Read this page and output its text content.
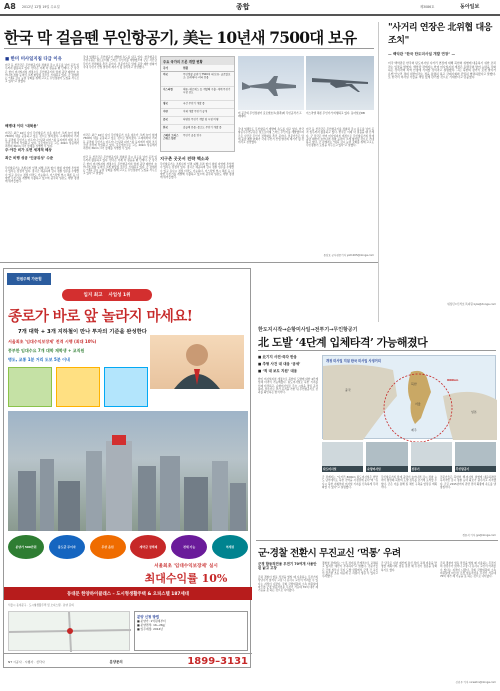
A8 2012년 12월 19일 수요일	종합	제3086호	동아일보
한국 막 걸음뗀 무인항공기, 美는 10년새 7500대 보유
■ 한미 미사일지침 다급 이유
미국 등 선진국은 무인항공기를 정찰과 감시 용도를 넘어 공격 임무까지 활용하고 있다. 한국은 이제 막 걸음을 뗀 단계다. 군 당국은 한미 미사일지침 개정으로 무인항공기의 탑재 중량 제한이 늘어나면 정찰 능력이 크게 향상될 것으로 기대하고 있다. 군 관계자는 "대북 감시 능력 강화를 위해 고고도 무인정찰기 도입을 서두르고 있다"고 말했다.
해병대 이미 ‘대북용’
미국은 최근 10년 사이 무인항공기 보유 대수가 크게 늘어 현재 7500여 대를 운용하고 있는 것으로 알려졌다. 프레데터와 리퍼 등 공격형 무인기는 아프가니스탄과 파키스탄 등지에서 테러 조직 소탕 작전에 투입되고 있다. 글로벌호크는 고도 20km 상공에서 지상의 30cm 크기 물체를 식별할 수 있다.
주·야간 비가 오면 세계적 헤상
최근 비행 성공 ‘인공위성’ 수준
무인항공기는 조종사의 인명 피해 우려 없이 위험 지역에 투입할 수 있다는 장점이 있다. 장시간 체공하며 감시 정찰 임무를 수행할 수 있고 유사시 정밀 타격도 가능하다. 이스라엘 역시 헤론 등 다양한 무인기를 개발해 수출하고 있으며 중국과 일본도 개발 경쟁에 뛰어들었다.
국내 업체들도 무인항공기 개발에 속도를 내고 있다. 한국항공우주연구원은 틸트로터형 스마트 무인기를 개발했으며 군은 사단급 무인기 전력화를 추진 중이다. 전문가들은 탑재 중량 제한 완화가 국내 무인기 산업 발전의 계기가 될 것이라고 전망했다.
미국은 최근 10년 사이 무인항공기 보유 대수가 크게 늘어 현재 7500여 대를 운용하고 있는 것으로 알려졌다. 프레데터와 리퍼 등 공격형 무인기는 아프가니스탄과 파키스탄 등지에서 테러 조직 소탕 작전에 투입되고 있다. 글로벌호크는 고도 20km 상공에서 지상의 30cm 크기 물체를 식별할 수 있다.
지구촌 곳곳서 전략 핵소과
미국 등 선진국은 무인항공기를 정찰과 감시 용도를 넘어 공격 임무까지 활용하고 있다. 한국은 이제 막 걸음을 뗀 단계다. 군 당국은 한미 미사일지침 개정으로 무인항공기의 탑재 중량 제한이 늘어나면 정찰 능력이 크게 향상될 것으로 기대하고 있다. 군 관계자는 "대북 감시 능력 강화를 위해 고고도 무인정찰기 도입을 서두르고 있다"고 말했다.
주요 국가의 드론 개발 현황
국가	현황
미국	무인정찰 공격기 7500여 대 보유. 글로벌호크, 프레데터, 리퍼 운용
이스라엘	헤론, 헤르메스 등 개발해 수출. 세계 무인기 시장 선도
영국	국산 무인기 개발 중
이란	자체 개발 무인기 공개
중국	다양한 무인기 개발 및 시험 비행
한국	송골매 운용, 중고도 무인기 개발 중
스페인 그리스 스위스 일본
무인기 공동 연구
미 공군의 무인정찰기 글로벌호크(왼쪽)와 무인공격기 프레데터.
이스라엘 헤론 무인기가 비행하고 있다. 동아일보DB
무인항공기는 조종사의 인명 피해 우려 없이 위험 지역에 투입할 수 있다는 장점이 있다. 장시간 체공하며 감시 정찰 임무를 수행할 수 있고 유사시 정밀 타격도 가능하다. 이스라엘 역시 헤론 등 다양한 무인기를 개발해 수출하고 있으며 중국과 일본도 개발 경쟁에 뛰어들었다.
국내 업체들도 무인항공기 개발에 속도를 내고 있다. 한국항공우주연구원은 틸트로터형 스마트 무인기를 개발했으며 군은 사단급 무인기 전력화를 추진 중이다. 전문가들은 탑재 중량 제한 완화가 국내 무인기 산업 발전의 계기가 될 것이라고 전망했다.
미국 등 선진국은 무인항공기를 정찰과 감시 용도를 넘어 공격 임무까지 활용하고 있다. 한국은 이제 막 걸음을 뗀 단계다. 군 당국은 한미 미사일지침 개정으로 무인항공기의 탑재 중량 제한이 늘어나면 정찰 능력이 크게 향상될 것으로 기대하고 있다. 군 관계자는 "대북 감시 능력 강화를 위해 고고도 무인정찰기 도입을 서두르고 있다"고 말했다.
윤상호 군사전문기자 ysh1005@donga.com
"사거리 연장은 北위협 대응 조치"
— 백악관 "한국 탄도미사일 개발 연장" —
미국 백악관은 한국의 탄도미사일 사거리 연장에 대해 북한의 위협에 대응하기 위한 조치라는 입장을 밝혔다. 백악관 관계자는 한미 미사일지침 개정은 동맹국의 방어 능력을 강화하는 것이라며 지역 안정에 기여할 것이라고 설명했다. 그는 북한의 장거리 로켓 발사가 유엔 안보리 결의 위반이라는 점을 분명히 하고 국제사회와 긴밀히 협력하겠다고 말했다. 또 한국이 미사일 기술을 책임 있게 관리할 것으로 기대한다고 덧붙였다.
워싱턴=신석호 특파원 kyle@donga.com
전원주택 가든힘
입지 최고 사업성 1위
종로가 바로 앞 놀라지 마세요!
7개 대학 + 3개 지하철이 만나 투자의 기준을 완성한다
서울최초 '임대수익보장제' 전격 시행 (최대 10%)
풍부한 임대수요 7개 대학 재학생 + 교직원
명도, 교통 1분 거리 도보 5분 이내
분양가 500만원	중도금 무이자	무상 옵션	계약금 정액제	전세 가능	역세권
서울최초 '임대수익보장제' 실시
최대수익률 10%
동대문 한양하이클래스 – 도시형생활주택 & 오피스텔 187세대
서울시 동대문구 · 도시형생활주택 및 오피스텔 · 분양 문의
분양 신청 방법
■ 분양가: 1억원대부터
■ 분양면적: 16~26㎡
■ 입주예정: 2014년
NT 시공사 · 시행사 · 신탁사	분양문의	1899–3131
한도지시작→순항미사일→전투기→무인항공기
北 도발 ‘4단계 입체타격’ 가능해졌다
■ 北기지 사전·즉각 반응
■ 추형 사건 대 대응 ‘공세’
■ ‘적 대 보도 지원’ 대응
한미 미사일지침 개정으로 북한의 도발에 대한 4단계 입체 타격이 가능해졌다. 탄도미사일로 북한 기지를 선제 타격하고, 순항미사일로 주요 시설을 정밀 공격하며, 전투기로 추가 공격을 가한 뒤 무인항공기로 전과를 확인하는 방식이다.
개정 미사일 지침 한국 미사일 사정거리
중국
북한
서울
제주
일본
800km
탄도미사일	순항미사일	전투기	무인항공기
군 관계자는 "사거리 800km 탄도미사일은 한반도 남부에서도 북한 전역을 사정권에 둔다"며 "유사시 북한 지휘부와 미사일 기지를 신속하게 무력화할 수 있다"고 설명했다.
무인항공기의 탑재 중량이 늘어나면 감시 정찰 능력이 향상돼 북한의 도발 징후를 조기에 포착할 수 있다. 군은 이를 통해 킬 체인 구축을 앞당길 계획이다.
전문가들은 북한의 핵·미사일 위협에 대응하려면 독자적인 감시 정찰 능력 확보가 필수라고 지적했다. 군은 2015년까지 관련 전력 확충에 속도를 낼 방침이다.
정윤식 기자 jys@donga.com
군·경찰 전환시 무진교신 ‘먹통’ 우려
군경 합동작전용 무전기 70여개 사용안된 낡고 고장
군과 경찰이 합동 작전을 벌일 때 사용하는 무전기의 상당수가 낡거나 고장 나 유사시 교신이 어려울 수 있다는 지적이 나왔다. 국회 국방위원회 소속 의원실에 따르면 군경 합동작전용 무전기 가운데 70여 대가 제 기능을 못 하는 것으로 나타났다.
경찰청 관계자는 "노후 장비를 단계적으로 교체하고 있지만 예산이 부족하다"고 밝혔다. 전문가들은 간첩 침투나 국지 도발 상황에서 군경 간 교신이 끊기면 초동 대응에 큰 차질이 생길 수 있다고 우려했다.
군 당국은 내년 예산에 통신 장비 교체 비용을 반영할 계획이며, 합동 훈련 때 무전기 점검을 강화하기로 했다.
군과 경찰이 합동 작전을 벌일 때 사용하는 무전기의 상당수가 낡거나 고장 나 유사시 교신이 어려울 수 있다는 지적이 나왔다. 국회 국방위원회 소속 의원실에 따르면 군경 합동작전용 무전기 가운데 70여 대가 제 기능을 못 하는 것으로 나타났다.
신진우 기자 niceshin@donga.com
